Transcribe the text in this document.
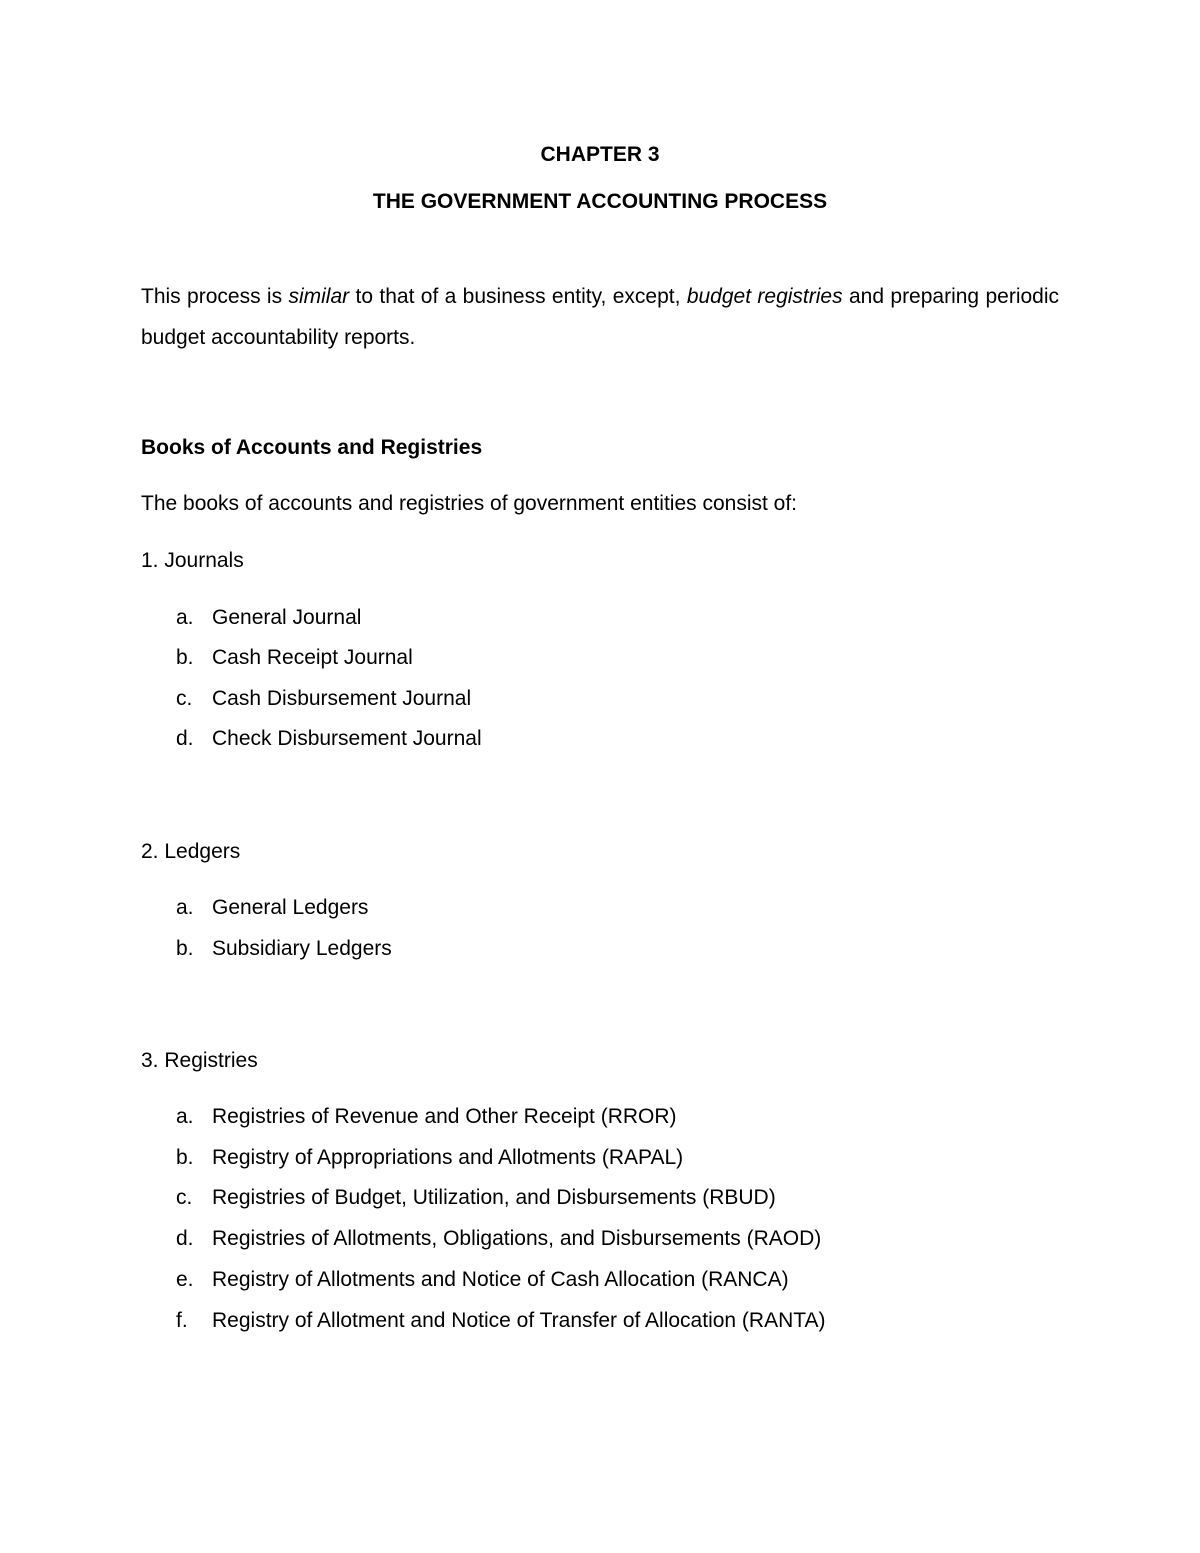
CHAPTER 3
THE GOVERNMENT ACCOUNTING PROCESS
This process is similar to that of a business entity, except, budget registries and preparing periodic budget accountability reports.
Books of Accounts and Registries
The books of accounts and registries of government entities consist of:
1. Journals
a. General Journal
b. Cash Receipt Journal
c. Cash Disbursement Journal
d. Check Disbursement Journal
2. Ledgers
a. General Ledgers
b. Subsidiary Ledgers
3. Registries
a. Registries of Revenue and Other Receipt (RROR)
b. Registry of Appropriations and Allotments (RAPAL)
c. Registries of Budget, Utilization, and Disbursements (RBUD)
d. Registries of Allotments, Obligations, and Disbursements (RAOD)
e. Registry of Allotments and Notice of Cash Allocation (RANCA)
f. Registry of Allotment and Notice of Transfer of Allocation (RANTA)
